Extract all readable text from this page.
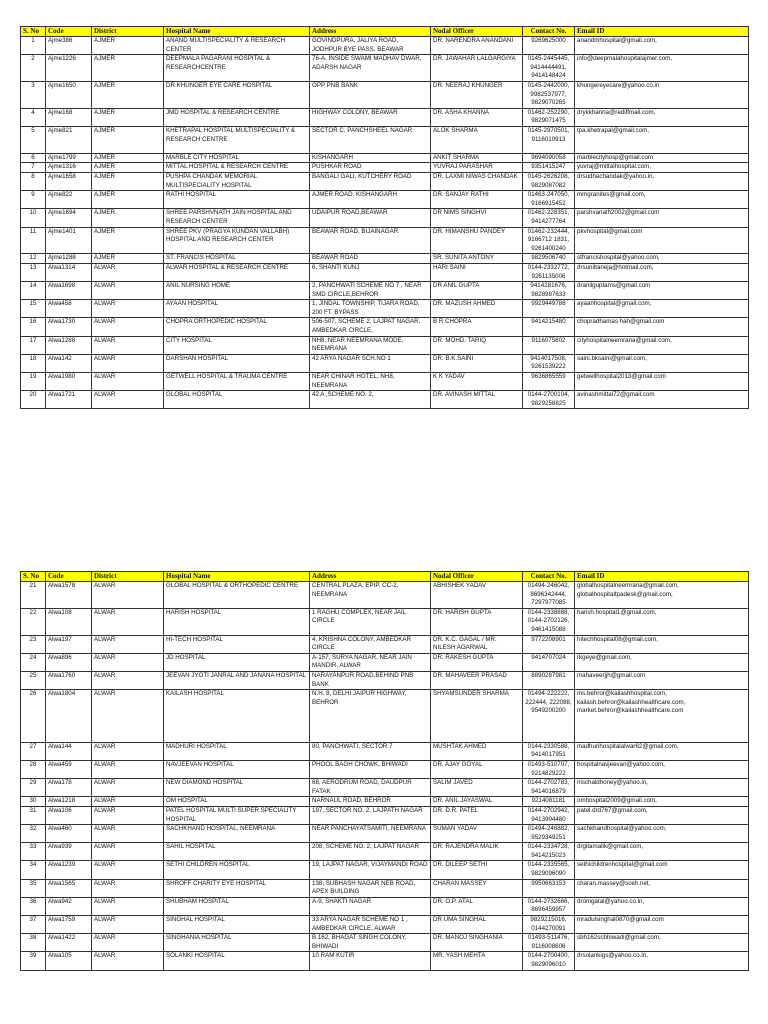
S. No	Code	District	Hospital Name	Address	Nodal Officer	Contact No.	Email ID
1	Ajme386	AJMER	ANAND MULTISPECIALITY & RESEARCH CENTER	GOVINDPURA, JALIYA ROAD, JODHPUR BYE PASS, BEAWAR	DR. NARENDRA ANANDANI	9269625000	anandmhospital@gmail.com,
2	Ajme1226	AJMER	DEEPMALA PAGARANI HOSPITAL & RESEARCHCENTRE	76-A, INSIDE SWAMI MADHAV DWAR, ADARSH NAGAR	DR. JAWAHAR LALGARGIYA	0145-2445445,
9414444491,
9414148424	info@deepmalahospitalajmer.com,
3	Ajme1650	AJMER	DR KHUNGER EYE CARE HOSPITAL	OPP PNB BANK	DR. NEERAJ KHUNGER	0145-2442000,
9982537977,
9829070265	khungereyecare@yahoo.co.in
4	Ajme168	AJMER	JMD HOSPITAL & RESEARCH CENTRE	HIGHWAY COLONY, BEAWAR	DR. ASHA KHANNA	01462-252290,
9829071475	drykkhanna@rediffmail.com,
5	Ajme821	AJMER	KHETRAPAL HOSPITAL MULTISPECIALITY & RESEARCH CENTRE	SECTOR C, PANCHSHEEL NAGAR	ALOK SHARMA	0145-2970501,
9116010913	tpa.khetrapal@gmail.com,
6	Ajme1799	AJMER	MARBLE CITY HOSPITAL	KISHANGARH	ANKIT SHARMA	9694090058	marblecityhosp@gmail.com
7	Ajme1316	AJMER	MITTAL HOSPITAL & RESEARCH CENTRE	PUSHKAR ROAD	YUVRAJ PARASHAR	9351415247	yuvraj@mittalhospital.com,
8	Ajme1658	AJMER	PUSHPA CHANDAK MEMORIAL MULTISPECIALITY HOSPITAL	BANGALI GALI, KUTCHERY ROAD	DR. LAXMI NIWAS CHANDAK	0145-2626208,
9829087082	drsudhachandak@yahoo.in,
9	Ajme822	AJMER	RATHI HOSPITAL	AJMER ROAD, KISHANGARH	DR. SANJAY RATHI	01463-247050,
9166915452	mmgranites@gmail.com,
10	Ajme1694	AJMER	SHREE PARSHVNATH JAIN HOSPITAL AND RESEARCH CENTER	UDAIPUR ROAD,BEAWAR	DR NIMS SINGHVI	01462-228351,
9414277764	parshvanath2002@gmail.com
11	Ajme1401	AJMER	SHREE PKV (PRAGYA KUNDAN VALLABH) HOSPITAL AND RESEARCH CENTER	BEAWAR ROAD, BIJAINAGAR	DR. HIMANSHU PANDEY	01462-232444,
9166712 1831,
9261400240	pkvhospital@gmail.com
12	Ajme1288	AJMER	ST. FRANCIS HOSPITAL	BEAWAR ROAD	SR. SUNITA ANTONY	9829506740	stfrancishospital@yahoo.com,
13	Alwa1314	ALWAR	ALWAR HOSPITAL & RESEARCH CENTRE	6, SHANTI KUNJ	HARI SAINI	0144-2332772,
9261135006	drsuniltaneja@hotmail.com,
14	Alwa1698	ALWAR	ANIL NURSING HOME	2, PANCHWATI SCHEME NO 7 , NEAR SMD CIRCLE,BEHROR	DR ANIL GUPTA	9414281676,
9828987633	dranilguptams@gmail.com
15	Alwa458	ALWAR	AYAAN HOSPITAL	1, JINDAL TOWNSHIP, TIJARA ROAD, 200 FT. BYPASS	DR. MAZUSH AHMED	9929449786	ayaanhospital@gmail.com,
16	Alwa1730	ALWAR	CHOPRA ORTHOPEDIC HOSPITAL	506-507, SCHEME 2, LAJPAT NAGAR, AMBEDKAR CIRCLE,	B R CHOPRA	9414215480	chopradhamas hah@gmail.com
17	Alwa1288	ALWAR	CITY HOSPITAL	NH8, NEAR NEEMRANA MODE, NEEMRANA	DR. MOHD. TARIQ	9116075802	cityhospitalneemrana@gmail.com,
18	Alwa142	ALWAR	DARSHAN HOSPITAL	42 ARYA NAGAR SCH.NO 1	DR. B.K.SAINI	9414017508,
9261539222	saini.bksaini@gmail.com,
19	Alwa1980	ALWAR	GETWELL HOSPITAL & TRAUMA CENTRE	NEAR CHINAR HOTEL, NH8, NEEMRANA	K K YADAV	9636865559	getwellhospital2013@gmail.com
20	Alwa1721	ALWAR	GLOBAL HOSPITAL	42 A ,SCHEME NO. 2,	DR. AVINASH MITTAL	0144-2700104,
9829258825	avinashmittal72@gmail.com
S. No	Code	District	Hospital Name	Address	Nodal Officer	Contact No.	Email ID
21	Alwa1578	ALWAR	GLOBAL HOSPITAL & ORTHOPEDIC CENTRE	CENTRAL PLAZA, EPIP, CC-2, NEEMRANA	ABHISHEK YADAV	01494-246042,
8696342444,
7297977085	globalhospitalneemrana@gmail.com,
globalhospitaltpadesk@gmail.com,
22	Alwa108	ALWAR	HARISH HOSPITAL	1 RAGHU COMPLEX, NEAR JAIL CIRCLE	DR. HARISH GUPTA	0144-2338888,
0144-2702126,
9461415088	harish.hospital1@gmail.com,
23	Alwa197	ALWAR	HI-TECH HOSPITAL	4, KRISHNA COLONY, AMBEDKAR CIRCLE	DR. K.C. GAGAL / MR. NILESH AGARWAL	9772208901	hitechhospital08@gmail.com,
24	Alwa896	ALWAR	JD HOSPITAL	A-157, SURYA NAGAR, NEAR JAIN MANDIR, ALWAR	DR. RAKESH GUPTA	9414707024	rkgeye@gmail.com,
25	Alwa1760	ALWAR	JEEVAN JYOTI JANRAL AND JANANA HOSPITAL	NARAYANPUR ROAD,BEHIND PNB BANK	DR. MAHAVEER PRASAD	8890287981	mahaveerjjh@gmail.com
26	Alwa1804	ALWAR	KAILASH HOSPITAL	N.H. 8, DELHI JAIPUR HIGHWAY, BEHROR	SHYAMSUNDER SHARMA	01494-222222,
222444, 222088,
9549200200	ms.behror@kailashhospital.com,
kailash.behror@kailashhealthcare.com,
market.behror@kailashhealthcare.com
27	Alwa144	ALWAR	MADHURI HOSPITAL	80, PANCHWATI, SECTOR 7	MUSHTAK AHMED	0144-2330588,
9414017951	madhurihospitalalwar62@gmail.com,
28	Alwa459	ALWAR	NAVJEEVAN HOSPITAL	PHOOL BAGH CHOWK, BHIWADI	DR. AJAY GOYAL	01493-510707,
9214829222	hospitalnavjeevan@yahoo.com,
29	Alwa178	ALWAR	NEW DIAMOND HOSPITAL	68, AERODRUM ROAD, DAUDPUR FATAK	SALIM JAVED	0144-2702783,
9414016879	nischaldhoney@yahoo.in,
30	Alwa1218	ALWAR	OM HOSPITAL	NARNAUL ROAD, BEHROR	DR. ANIL JAYASWAL	9214081181	omhospital2009@gmail.com,
31	Alwa106	ALWAR	PATEL HOSPITAL MULTI SUPER SPECIALITY HOSPITAL	197, SECTOR NO. 2, LAJPATH NAGAR	DR. D.R. PATEL	0144-2702942,
9413904480	patel.drd767@gmail.com,
32	Alwa460	ALWAR	SACHKHAND HOSPITAL, NEEMRANA	NEAR PANCHAYATSAMITI, NEEMRANA	SUMAN YADAV	01494-246882,
9529349251	sachkhandhospital@yahoo.com,
33	Alwa939	ALWAR	SAHIL HOSPITAL	208, SCHEME NO. 2, LAJPAT NAGAR	DR. RAJENDRA MALIK	0144-2334728,
9414215023	drgitamalik@gmail.com,
34	Alwa1239	ALWAR	SETHI CHILDREN HOSPITAL	19, LAJPAT NAGAR, VIJAYMANDI ROAD	DR. DILEEP SETHI	0144-2335565,
9829096090	sethichildrenhospital@gmail.com
35	Alwa1565	ALWAR	SHROFF CHARITY EYE HOSPITAL	138, SUBHASH NAGAR NEB ROAD, APEX BUILDING	CHARAN MASSEY	9950663153	charan.massey@sceh.net,
36	Alwa942	ALWAR	SHUBHAM HOSPITAL	A-9, SHAKTI NAGAR	DR. O.P. ATAL	0144-2732666,
8696459957	dromgatal@yahoo.co.in,
37	Alwa1759	ALWAR	SINGHAL HOSPITAL	33 ARYA NAGAR SCHEME NO 1 , AMBEDKAR CIRCLE, ALWAR	DR UMA SINGHAL	9829215016,
0144270091	mradulsinghal0870@gmail.com
38	Alwa1422	ALWAR	SINGHANIA HOSPITAL	B 162, BHAGAT SINGH COLONY, BHIWADI	DR. MANOJ SINGHANIA	01493-511476,
9116008606	sbh162scbhiwadi@gmail.com,
39	Alwa105	ALWAR	SOLANKI HOSPITAL	10 RAM KUTIR	MR. YASH MEHTA	0144-2700400,
9829096010	drsolankigs@yahoo.co.in,
